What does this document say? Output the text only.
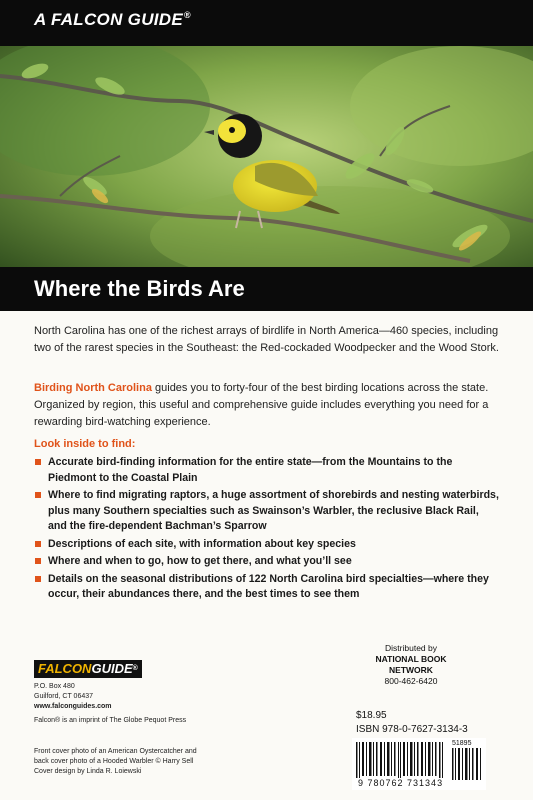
A FALCON GUIDE®
Where the Birds Are

North Carolina has one of the richest arrays of birdlife in North America—460 species, including two of the rarest species in the Southeast: the Red-cockaded Woodpecker and the Wood Stork.

Birding North Carolina guides you to forty-four of the best birding locations across the state. Organized by region, this useful and comprehensive guide includes everything you need for a rewarding bird-watching experience.

Look inside to find:
Accurate bird-finding information for the entire state—from the Mountains to the Piedmont to the Coastal Plain
Where to find migrating raptors, a huge assortment of shorebirds and nesting waterbirds, plus many Southern specialties such as Swainson’s Warbler, the reclusive Black Rail, and the fire-dependent Bachman’s Sparrow
Descriptions of each site, with information about key species
Where and when to go, how to get there, and what you’ll see
Details on the seasonal distributions of 122 North Carolina bird specialties—where they occur, their abundances there, and the best times to see them
FALCONGUIDE®
P.O. Box 480
Guilford, CT 06437
www.falconguides.com
Falcon® is an imprint of The Globe Pequot Press
Front cover photo of an American Oystercatcher and
back cover photo of a Hooded Warbler © Harry Sell
Cover design by Linda R. Loiewski
Distributed by
NATIONAL BOOK NETWORK
800-462-6420
$18.95
ISBN 978-0-7627-3134-3
51895
9 780762 731343
